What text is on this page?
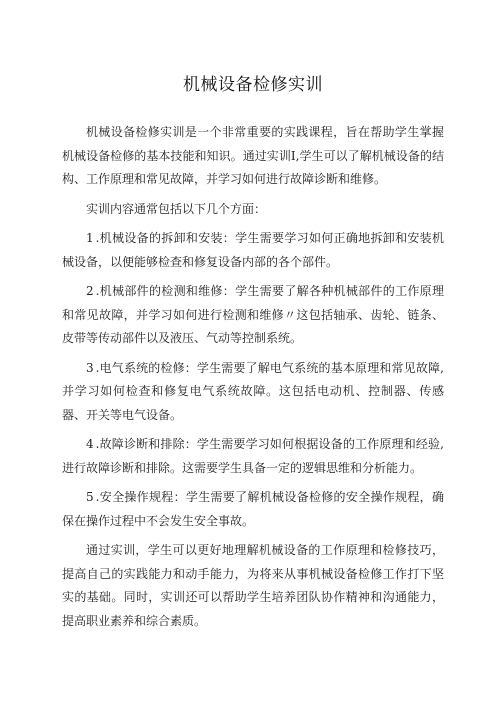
机械设备检修实训

机械设备检修实训是一个非常重要的实践课程，旨在帮助学生掌握机械设备检修的基本技能和知识。通过实训I,学生可以了解机械设备的结构、工作原理和常见故障，并学习如何进行故障诊断和维修。

实训内容通常包括以下几个方面：

1 .机械设备的拆卸和安装：学生需要学习如何正确地拆卸和安装机械设备，以便能够检查和修复设备内部的各个部件。

2 .机械部件的检测和维修：学生需要了解各种机械部件的工作原理和常见故障，并学习如何进行检测和维修〃这包括轴承、齿轮、链条、皮带等传动部件以及液压、气动等控制系统。

3 .电气系统的检修：学生需要了解电气系统的基本原理和常见故障,并学习如何检查和修复电气系统故障。这包括电动机、控制器、传感器、开关等电气设备。

4 .故障诊断和排除：学生需要学习如何根据设备的工作原理和经验,进行故障诊断和排除。这需要学生具备一定的逻辑思维和分析能力。

5 .安全操作规程：学生需要了解机械设备检修的安全操作规程，确保在操作过程中不会发生安全事故。

通过实训，学生可以更好地理解机械设备的工作原理和检修技巧，提高自己的实践能力和动手能力，为将来从事机械设备检修工作打下坚实的基础。同时，实训还可以帮助学生培养团队协作精神和沟通能力，提高职业素养和综合素质。
